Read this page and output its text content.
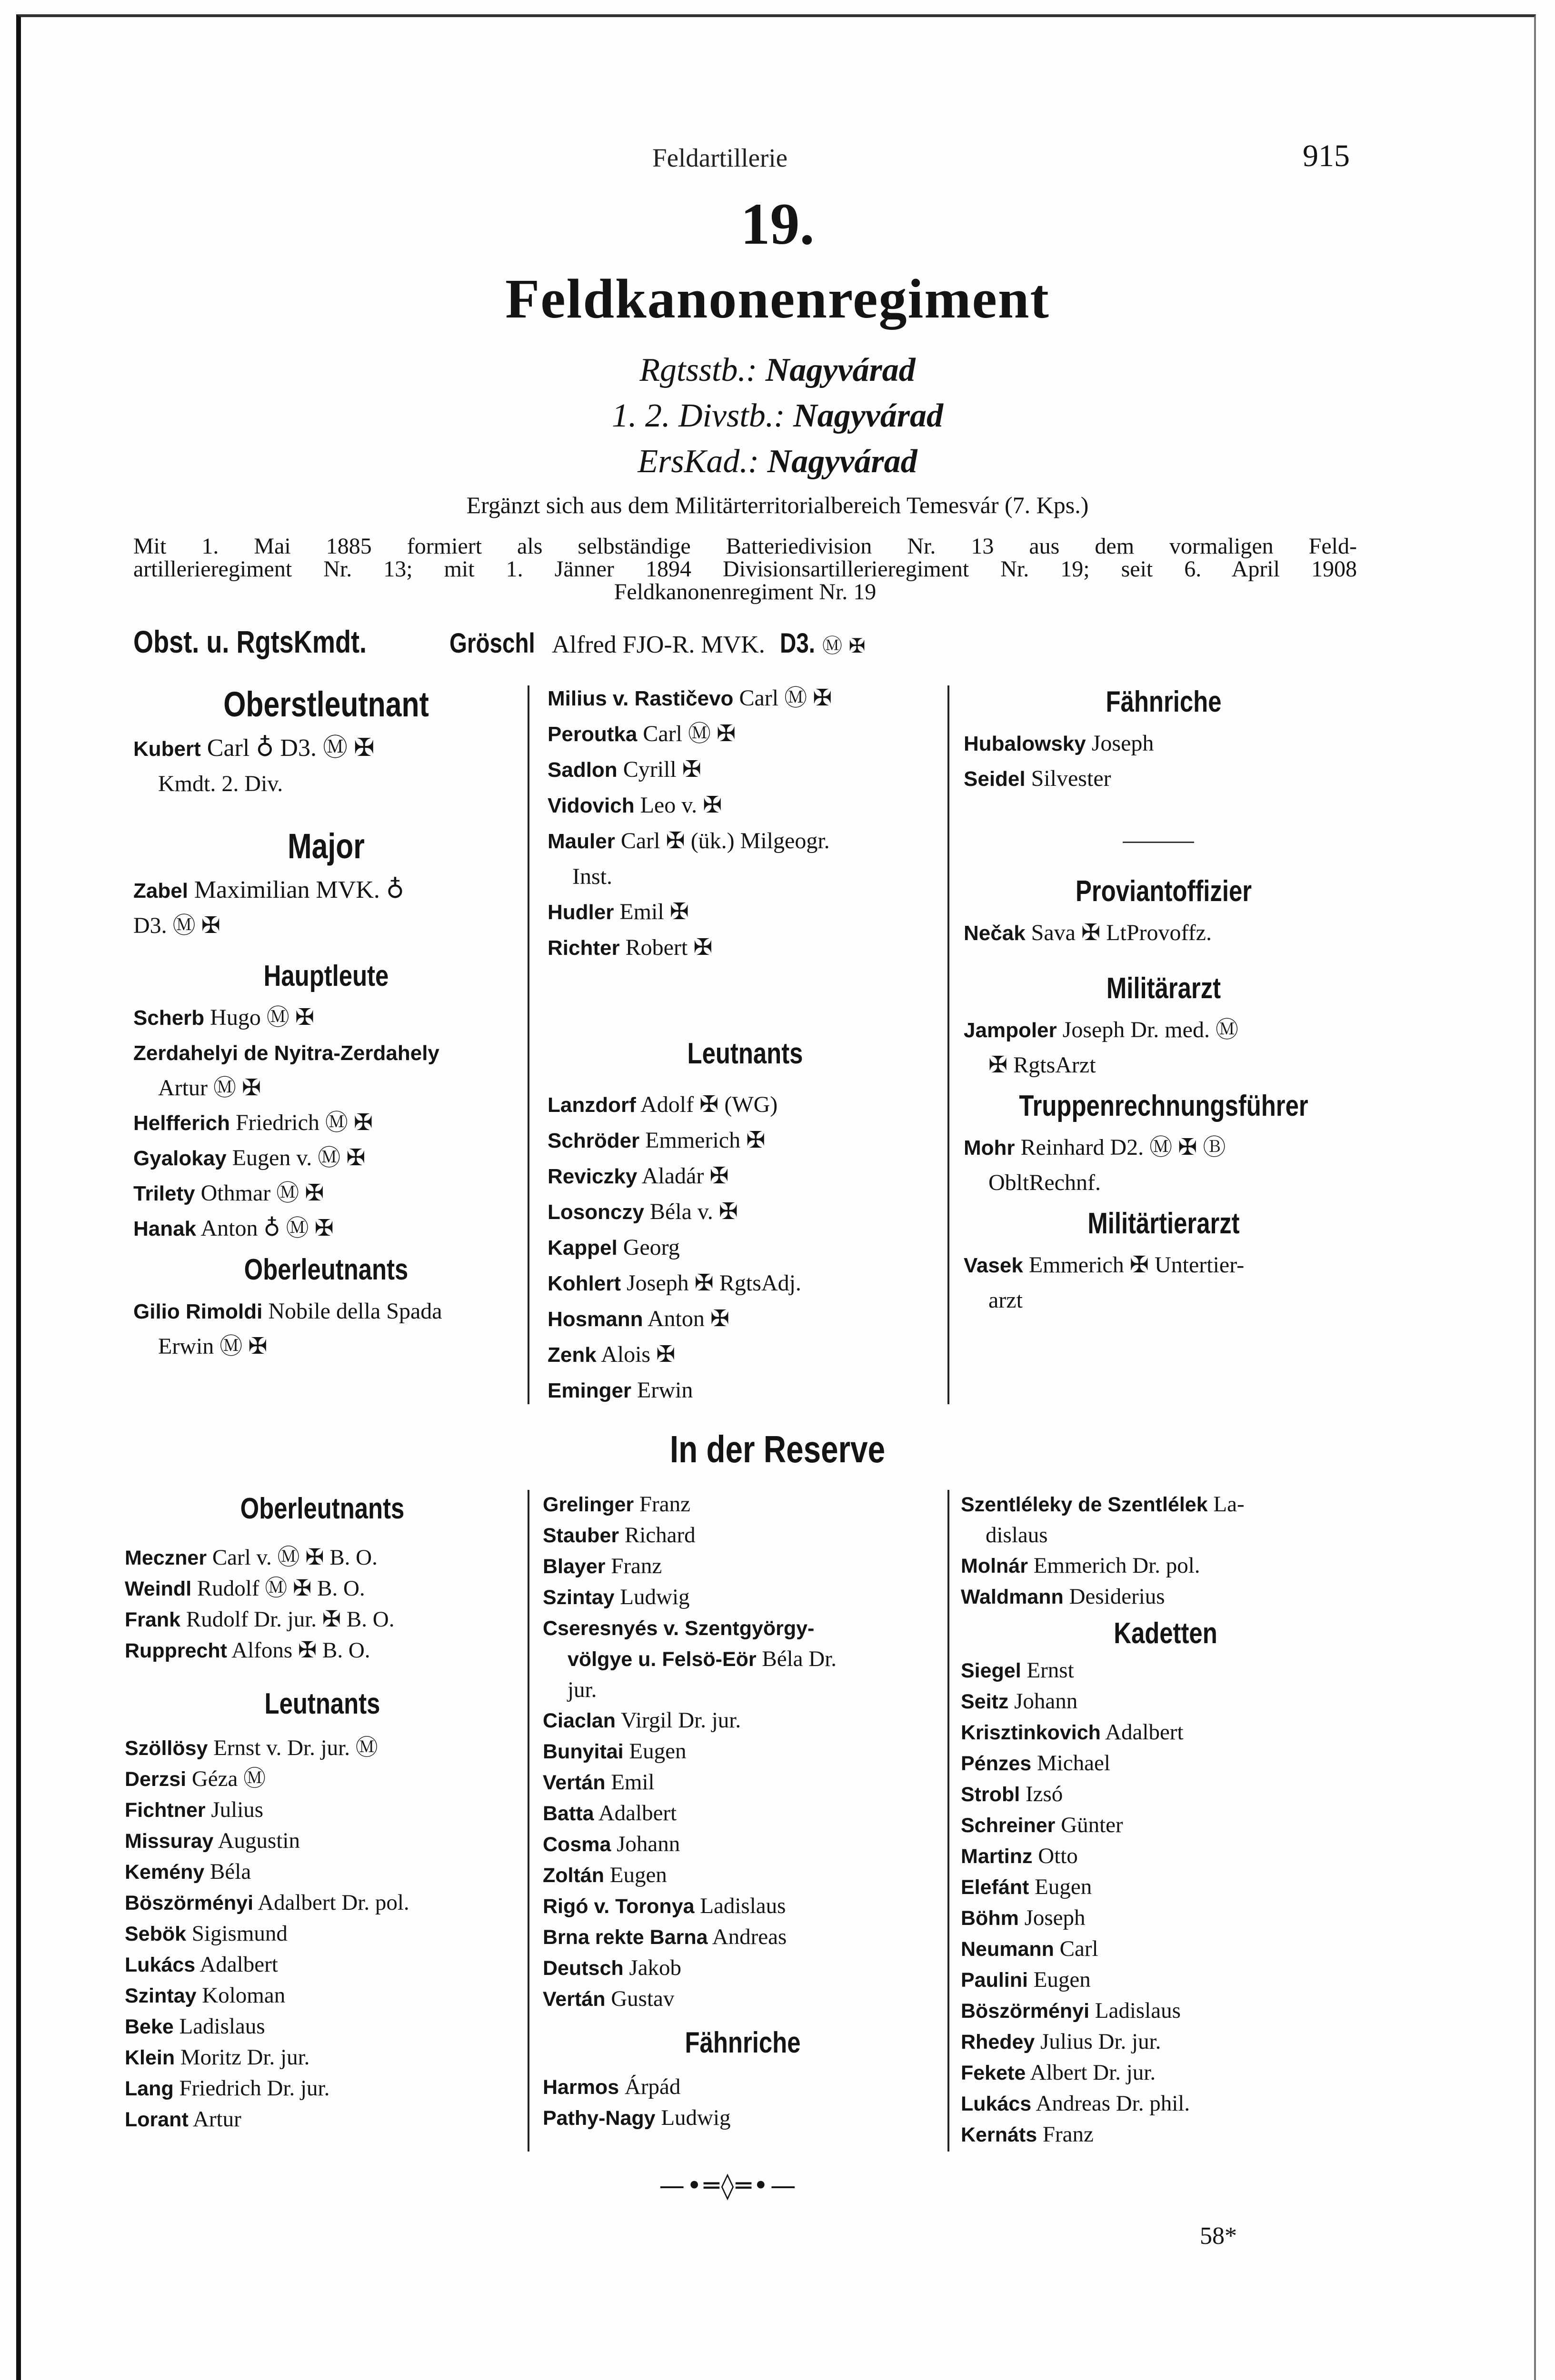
Feldartillerie	915
19.
Feldkanonenregiment
Rgtsstb.: Nagyvárad
1. 2. Divstb.: Nagyvárad
ErsKad.: Nagyvárad
Ergänzt sich aus dem Militärterritorialbereich Temesvár (7. Kps.)
Mit 1. Mai 1885 formiert als selbständige Batteriedivision Nr. 13 aus dem vormaligen Feld-
artillerieregiment Nr. 13; mit 1. Jänner 1894 Divisionsartillerieregiment Nr. 19; seit 6. April 1908
Feldkanonenregiment Nr. 19
Obst. u. RgtsKmdt.	Gröschl Alfred FJO-R. MVK. D3. Ⓜ ✠
Oberstleutnant
Kubert Carl ♁ D3. Ⓜ ✠
Kmdt. 2. Div.
Major
Zabel Maximilian MVK. ♁
D3. Ⓜ ✠
Hauptleute
Scherb Hugo Ⓜ ✠
Zerdahelyi de Nyitra-Zerdahely
Artur Ⓜ ✠
Helfferich Friedrich Ⓜ ✠
Gyalokay Eugen v. Ⓜ ✠
Trilety Othmar Ⓜ ✠
Hanak Anton ♁ Ⓜ ✠
Oberleutnants
Gilio Rimoldi Nobile della Spada
Erwin Ⓜ ✠
Milius v. Rastičevo Carl Ⓜ ✠
Peroutka Carl Ⓜ ✠
Sadlon Cyrill ✠
Vidovich Leo v. ✠
Mauler Carl ✠ (ük.) Milgeogr.
Inst.
Hudler Emil ✠
Richter Robert ✠
Leutnants
Lanzdorf Adolf ✠ (WG)
Schröder Emmerich ✠
Reviczky Aladár ✠
Losonczy Béla v. ✠
Kappel Georg
Kohlert Joseph ✠ RgtsAdj.
Hosmann Anton ✠
Zenk Alois ✠
Eminger Erwin
Fähnriche
Hubalowsky Joseph
Seidel Silvester
Proviantoffizier
Nečak Sava ✠ LtProvoffz.
Militärarzt
Jampoler Joseph Dr. med. Ⓜ
✠ RgtsArzt
Truppenrechnungsführer
Mohr Reinhard D2. Ⓜ ✠ Ⓑ
ObltRechnf.
Militärtierarzt
Vasek Emmerich ✠ Untertier-
arzt
In der Reserve
Oberleutnants
Meczner Carl v. Ⓜ ✠ B. O.
Weindl Rudolf Ⓜ ✠ B. O.
Frank Rudolf Dr. jur. ✠ B. O.
Rupprecht Alfons ✠ B. O.
Leutnants
Szöllösy Ernst v. Dr. jur. Ⓜ
Derzsi Géza Ⓜ
Fichtner Julius
Missuray Augustin
Kemény Béla
Böszörményi Adalbert Dr. pol.
Sebök Sigismund
Lukács Adalbert
Szintay Koloman
Beke Ladislaus
Klein Moritz Dr. jur.
Lang Friedrich Dr. jur.
Lorant Artur
Grelinger Franz
Stauber Richard
Blayer Franz
Szintay Ludwig
Cseresnyés v. Szentgyörgy-
völgye u. Felsö-Eör Béla Dr.
jur.
Ciaclan Virgil Dr. jur.
Bunyitai Eugen
Vertán Emil
Batta Adalbert
Cosma Johann
Zoltán Eugen
Rigó v. Toronya Ladislaus
Brna rekte Barna Andreas
Deutsch Jakob
Vertán Gustav
Fähnriche
Harmos Árpád
Pathy-Nagy Ludwig
Szentléleky de Szentlélek La-
dislaus
Molnár Emmerich Dr. pol.
Waldmann Desiderius
Kadetten
Siegel Ernst
Seitz Johann
Krisztinkovich Adalbert
Pénzes Michael
Strobl Izsó
Schreiner Günter
Martinz Otto
Elefánt Eugen
Böhm Joseph
Neumann Carl
Paulini Eugen
Böszörményi Ladislaus
Rhedey Julius Dr. jur.
Fekete Albert Dr. jur.
Lukács Andreas Dr. phil.
Kernáts Franz
—•═◊═•—
58*
